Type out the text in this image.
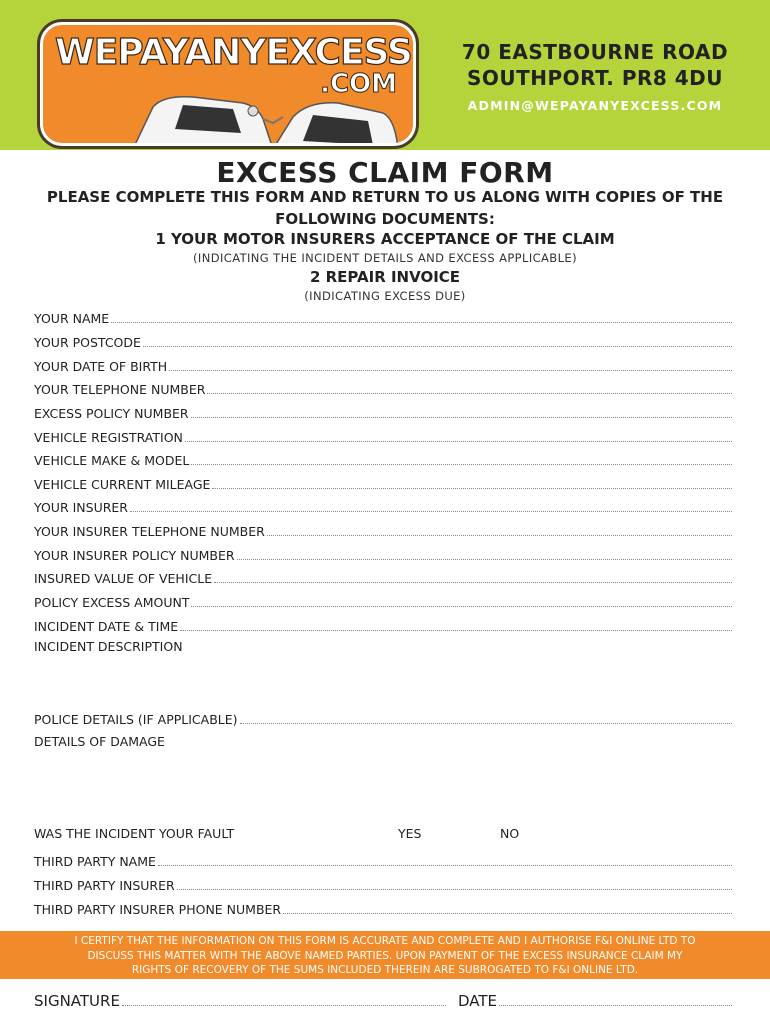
WEPAYANYEXCESS
.COM
70 EASTBOURNE ROAD
SOUTHPORT. PR8 4DU
ADMIN@WEPAYANYEXCESS.COM
EXCESS CLAIM FORM
PLEASE COMPLETE THIS FORM AND RETURN TO US ALONG WITH COPIES OF THE FOLLOWING DOCUMENTS:
1 YOUR MOTOR INSURERS ACCEPTANCE OF THE CLAIM
(INDICATING THE INCIDENT DETAILS AND EXCESS APPLICABLE)
2 REPAIR INVOICE
(INDICATING EXCESS DUE)
YOUR NAME
YOUR POSTCODE
YOUR DATE OF BIRTH
YOUR TELEPHONE NUMBER
EXCESS POLICY NUMBER
VEHICLE REGISTRATION
VEHICLE MAKE & MODEL
VEHICLE CURRENT MILEAGE
YOUR INSURER
YOUR INSURER TELEPHONE NUMBER
YOUR INSURER POLICY NUMBER
INSURED VALUE OF VEHICLE
POLICY EXCESS AMOUNT
INCIDENT DATE & TIME
INCIDENT DESCRIPTION
POLICE DETAILS (IF APPLICABLE)
DETAILS OF DAMAGE
WAS THE INCIDENT YOUR FAULT	YES	NO
THIRD PARTY NAME
THIRD PARTY INSURER
THIRD PARTY INSURER PHONE NUMBER
I CERTIFY THAT THE INFORMATION ON THIS FORM IS ACCURATE AND COMPLETE AND I AUTHORISE F&I ONLINE LTD TO
DISCUSS THIS MATTER WITH THE ABOVE NAMED PARTIES. UPON PAYMENT OF THE EXCESS INSURANCE CLAIM MY
RIGHTS OF RECOVERY OF THE SUMS INCLUDED THEREIN ARE SUBROGATED TO F&I ONLINE LTD.
SIGNATURE	DATE
